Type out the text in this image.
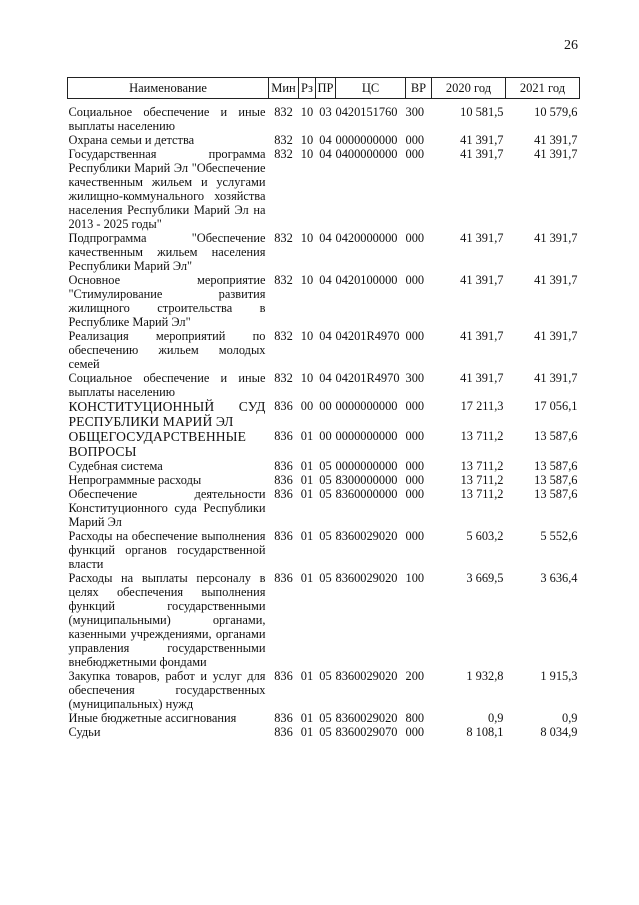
26
Наименование	Мин	Рз	ПР	ЦС	ВР	2020 год	2021 год
Социальное обеспечение и иные выплаты населению	832	10	03	0420151760	300	10 581,5	10 579,6
Охрана семьи и детства	832	10	04	0000000000	000	41 391,7	41 391,7
Государственная программа Республики Марий Эл "Обеспечение качественным жильем и услугами жилищно-коммунального хозяйства населения Республики Марий Эл на 2013 - 2025 годы"	832	10	04	0400000000	000	41 391,7	41 391,7
Подпрограмма "Обеспечение качественным жильем населения Республики Марий Эл"	832	10	04	0420000000	000	41 391,7	41 391,7
Основное мероприятие "Стимулирование развития жилищного строительства в Республике Марий Эл"	832	10	04	0420100000	000	41 391,7	41 391,7
Реализация мероприятий по обеспечению жильем молодых семей	832	10	04	04201R4970	000	41 391,7	41 391,7
Социальное обеспечение и иные выплаты населению	832	10	04	04201R4970	300	41 391,7	41 391,7
КОНСТИТУЦИОННЫЙ СУД РЕСПУБЛИКИ МАРИЙ ЭЛ	836	00	00	0000000000	000	17 211,3	17 056,1
ОБЩЕГОСУДАРСТВЕННЫЕ ВОПРОСЫ	836	01	00	0000000000	000	13 711,2	13 587,6
Судебная система	836	01	05	0000000000	000	13 711,2	13 587,6
Непрограммные расходы	836	01	05	8300000000	000	13 711,2	13 587,6
Обеспечение деятельности Конституционного суда Республики Марий Эл	836	01	05	8360000000	000	13 711,2	13 587,6
Расходы на обеспечение выполнения функций органов государственной власти	836	01	05	8360029020	000	5 603,2	5 552,6
Расходы на выплаты персоналу в целях обеспечения выполнения функций государственными (муниципальными) органами, казенными учреждениями, органами управления государственными внебюджетными фондами	836	01	05	8360029020	100	3 669,5	3 636,4
Закупка товаров, работ и услуг для обеспечения государственных (муниципальных) нужд	836	01	05	8360029020	200	1 932,8	1 915,3
Иные бюджетные ассигнования	836	01	05	8360029020	800	0,9	0,9
Судьи	836	01	05	8360029070	000	8 108,1	8 034,9
